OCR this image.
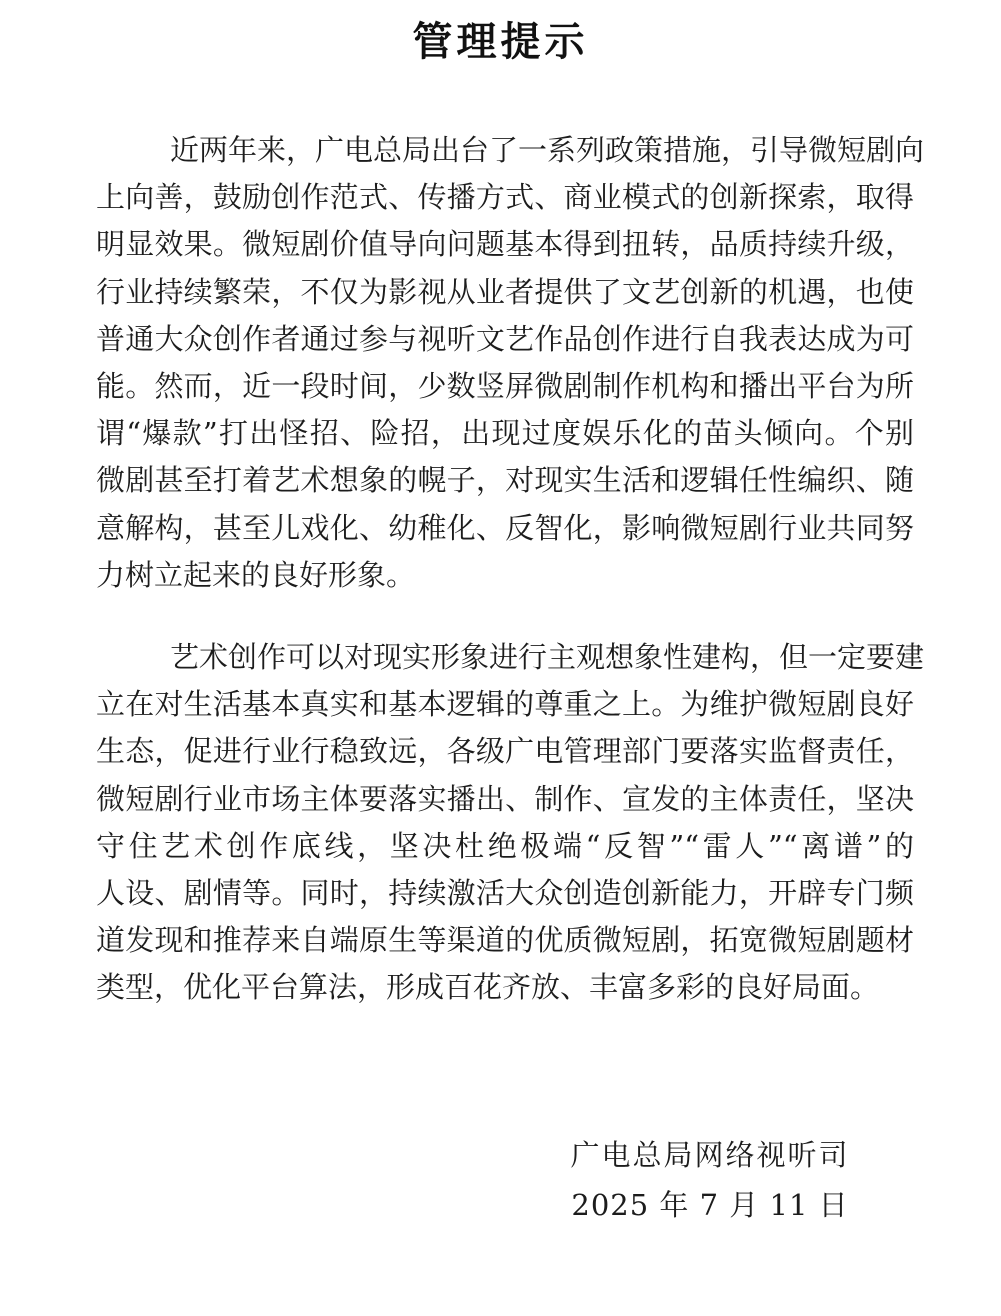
管理提示
近两年来，广电总局出台了一系列政策措施，引导微短剧向
上向善，鼓励创作范式、传播方式、商业模式的创新探索，取得
明显效果。微短剧价值导向问题基本得到扭转，品质持续升级，
行业持续繁荣，不仅为影视从业者提供了文艺创新的机遇，也使
普通大众创作者通过参与视听文艺作品创作进行自我表达成为可
能。然而，近一段时间，少数竖屏微剧制作机构和播出平台为所
谓“爆款”打出怪招、险招，出现过度娱乐化的苗头倾向。个别
微剧甚至打着艺术想象的幌子，对现实生活和逻辑任性编织、随
意解构，甚至儿戏化、幼稚化、反智化，影响微短剧行业共同努
力树立起来的良好形象。
艺术创作可以对现实形象进行主观想象性建构，但一定要建
立在对生活基本真实和基本逻辑的尊重之上。为维护微短剧良好
生态，促进行业行稳致远，各级广电管理部门要落实监督责任，
微短剧行业市场主体要落实播出、制作、宣发的主体责任，坚决
守住艺术创作底线，坚决杜绝极端“反智”“雷人”“离谱”的
人设、剧情等。同时，持续激活大众创造创新能力，开辟专门频
道发现和推荐来自端原生等渠道的优质微短剧，拓宽微短剧题材
类型，优化平台算法，形成百花齐放、丰富多彩的良好局面。
广电总局网络视听司
2025 年 7 月 11 日
